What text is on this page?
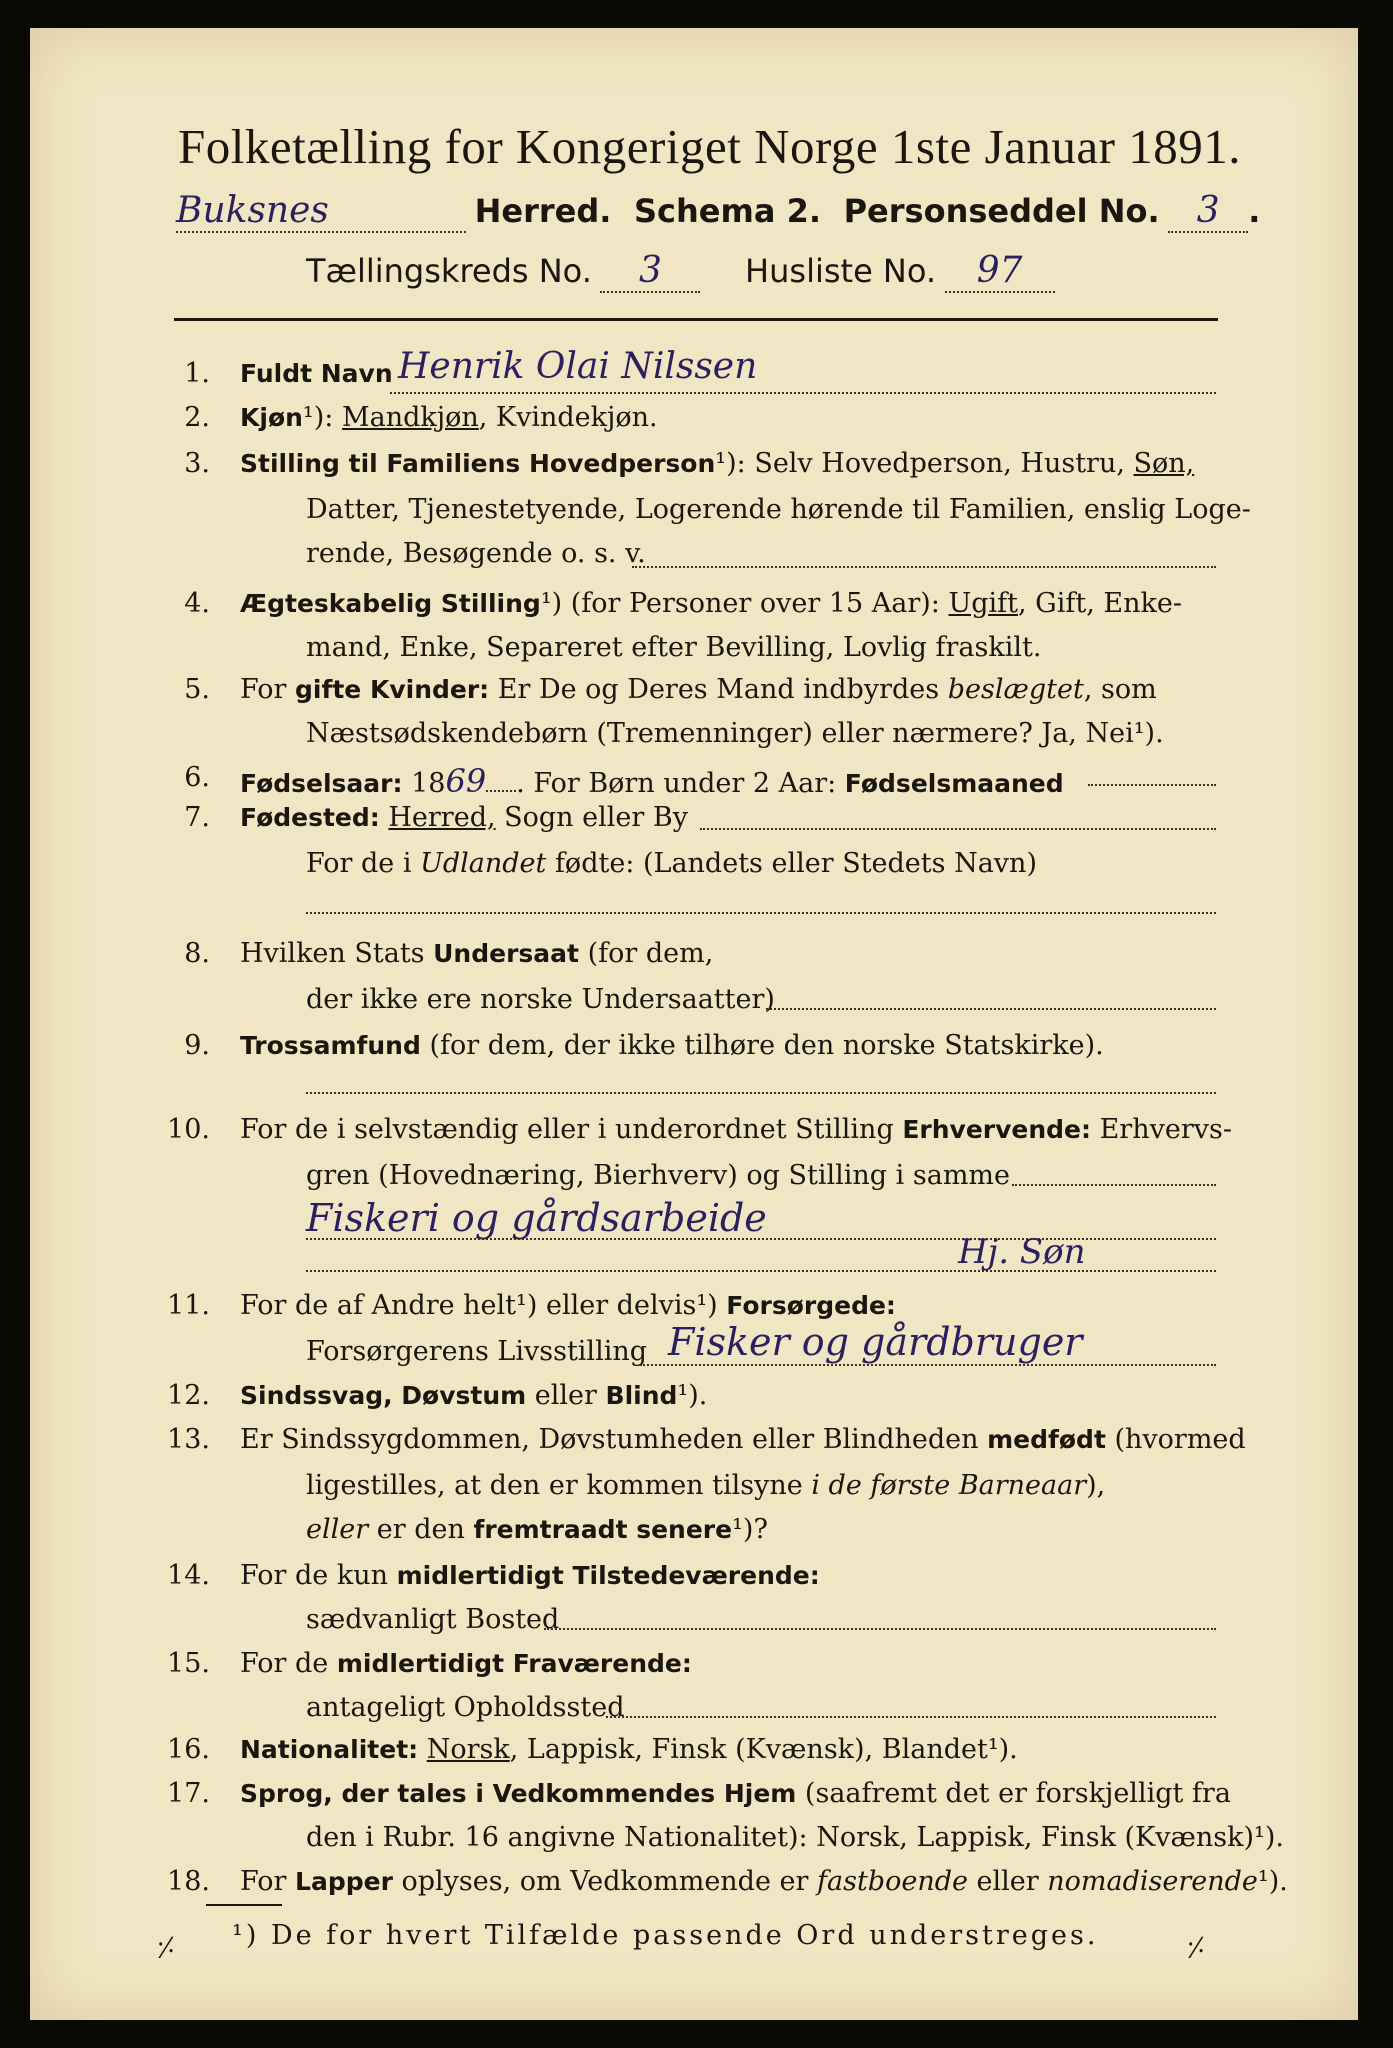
Folketælling for Kongeriget Norge 1ste Januar 1891.
Buksnes	Herred. Schema 2. Personseddel No. 3 .
Tællingskreds No. 3	Husliste No. 97
1. Fuldt Navn Henrik Olai Nilssen
2. Kjøn¹): Mandkjøn, Kvindekjøn.
3. Stilling til Familiens Hovedperson¹): Selv Hovedperson, Hustru, Søn,
Datter, Tjenestetyende, Logerende hørende til Familien, enslig Loge-
rende, Besøgende o. s. v.
4. Ægteskabelig Stilling¹) (for Personer over 15 Aar): Ugift, Gift, Enke-
mand, Enke, Separeret efter Bevilling, Lovlig fraskilt.
5. For gifte Kvinder: Er De og Deres Mand indbyrdes beslægtet, som
Næstsødskendebørn (Tremenninger) eller nærmere? Ja, Nei¹).
6. Fødselsaar: 1869 . For Børn under 2 Aar: Fødselsmaaned
7. Fødested: Herred, Sogn eller By
For de i Udlandet fødte: (Landets eller Stedets Navn)
8. Hvilken Stats Undersaat (for dem,
der ikke ere norske Undersaatter)
9. Trossamfund (for dem, der ikke tilhøre den norske Statskirke).
10. For de i selvstændig eller i underordnet Stilling Erhvervende: Erhvervs-
gren (Hovednæring, Bierhverv) og Stilling i samme
Fiskeri og gårdsarbeide
Hj. Søn
11. For de af Andre helt¹) eller delvis¹) Forsørgede:
Forsørgerens Livsstilling Fisker og gårdbruger
12. Sindssvag, Døvstum eller Blind¹).
13. Er Sindssygdommen, Døvstumheden eller Blindheden medfødt (hvormed
ligestilles, at den er kommen tilsyne i de første Barneaar),
eller er den fremtraadt senere¹)?
14. For de kun midlertidigt Tilstedeværende:
sædvanligt Bosted
15. For de midlertidigt Fraværende:
antageligt Opholdssted
16. Nationalitet: Norsk, Lappisk, Finsk (Kvænsk), Blandet¹).
17. Sprog, der tales i Vedkommendes Hjem (saafremt det er forskjelligt fra
den i Rubr. 16 angivne Nationalitet): Norsk, Lappisk, Finsk (Kvænsk)¹).
18. For Lapper oplyses, om Vedkommende er fastboende eller nomadiserende¹).
¹) De for hvert Tilfælde passende Ord understreges.
⸓	⸓
